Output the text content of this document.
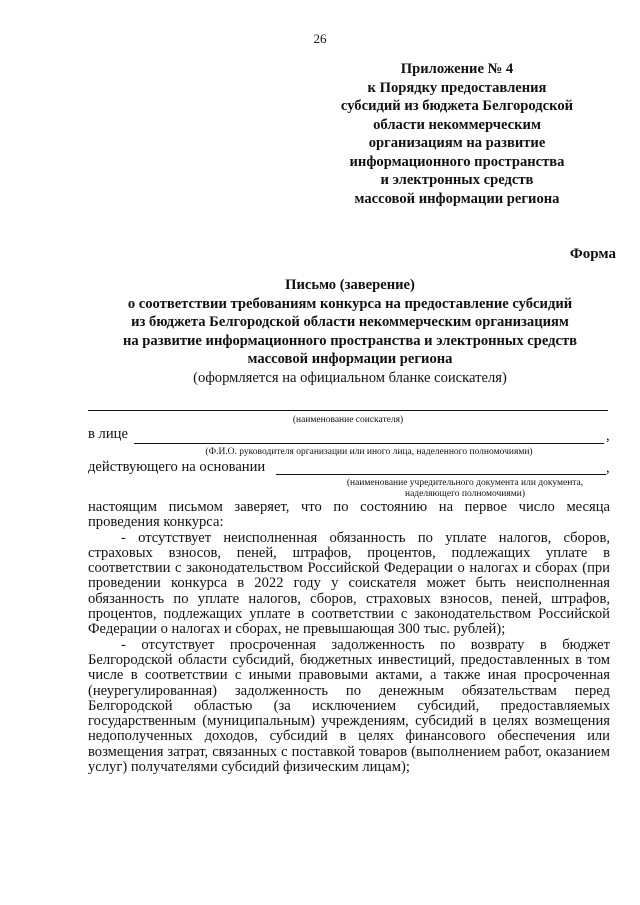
26
Приложение № 4
к Порядку предоставления
субсидий из бюджета Белгородской
области некоммерческим
организациям на развитие
информационного пространства
и электронных средств
массовой информации региона
Форма
Письмо (заверение)
о соответствии требованиям конкурса на предоставление субсидий
из бюджета Белгородской области некоммерческим организациям
на развитие информационного пространства и электронных средств
массовой информации региона
(оформляется на официальном бланке соискателя)
(наименование соискателя)
в лице	,
(Ф.И.О. руководителя организации или иного лица, наделенного полномочиями)
действующего на основании	,
(наименование учредительного документа или документа,
наделяющего полномочиями)

настоящим письмом заверяет, что по состоянию на первое число месяца проведения конкурса:

- отсутствует неисполненная обязанность по уплате налогов, сборов, страховых взносов, пеней, штрафов, процентов, подлежащих уплате в соответствии с законодательством Российской Федерации о налогах и сборах (при проведении конкурса в 2022 году у соискателя может быть неисполненная обязанность по уплате налогов, сборов, страховых взносов, пеней, штрафов, процентов, подлежащих уплате в соответствии с законодательством Российской Федерации о налогах и сборах, не превышающая 300 тыс. рублей);

- отсутствует просроченная задолженность по возврату в бюджет Белгородской области субсидий, бюджетных инвестиций, предоставленных в том числе в соответствии с иными правовыми актами, а также иная просроченная (неурегулированная) задолженность по денежным обязательствам перед Белгородской областью (за исключением субсидий, предоставляемых государственным (муниципальным) учреждениям, субсидий в целях возмещения недополученных доходов, субсидий в целях финансового обеспечения или возмещения затрат, связанных с поставкой товаров (выполнением работ, оказанием услуг) получателями субсидий физическим лицам);
